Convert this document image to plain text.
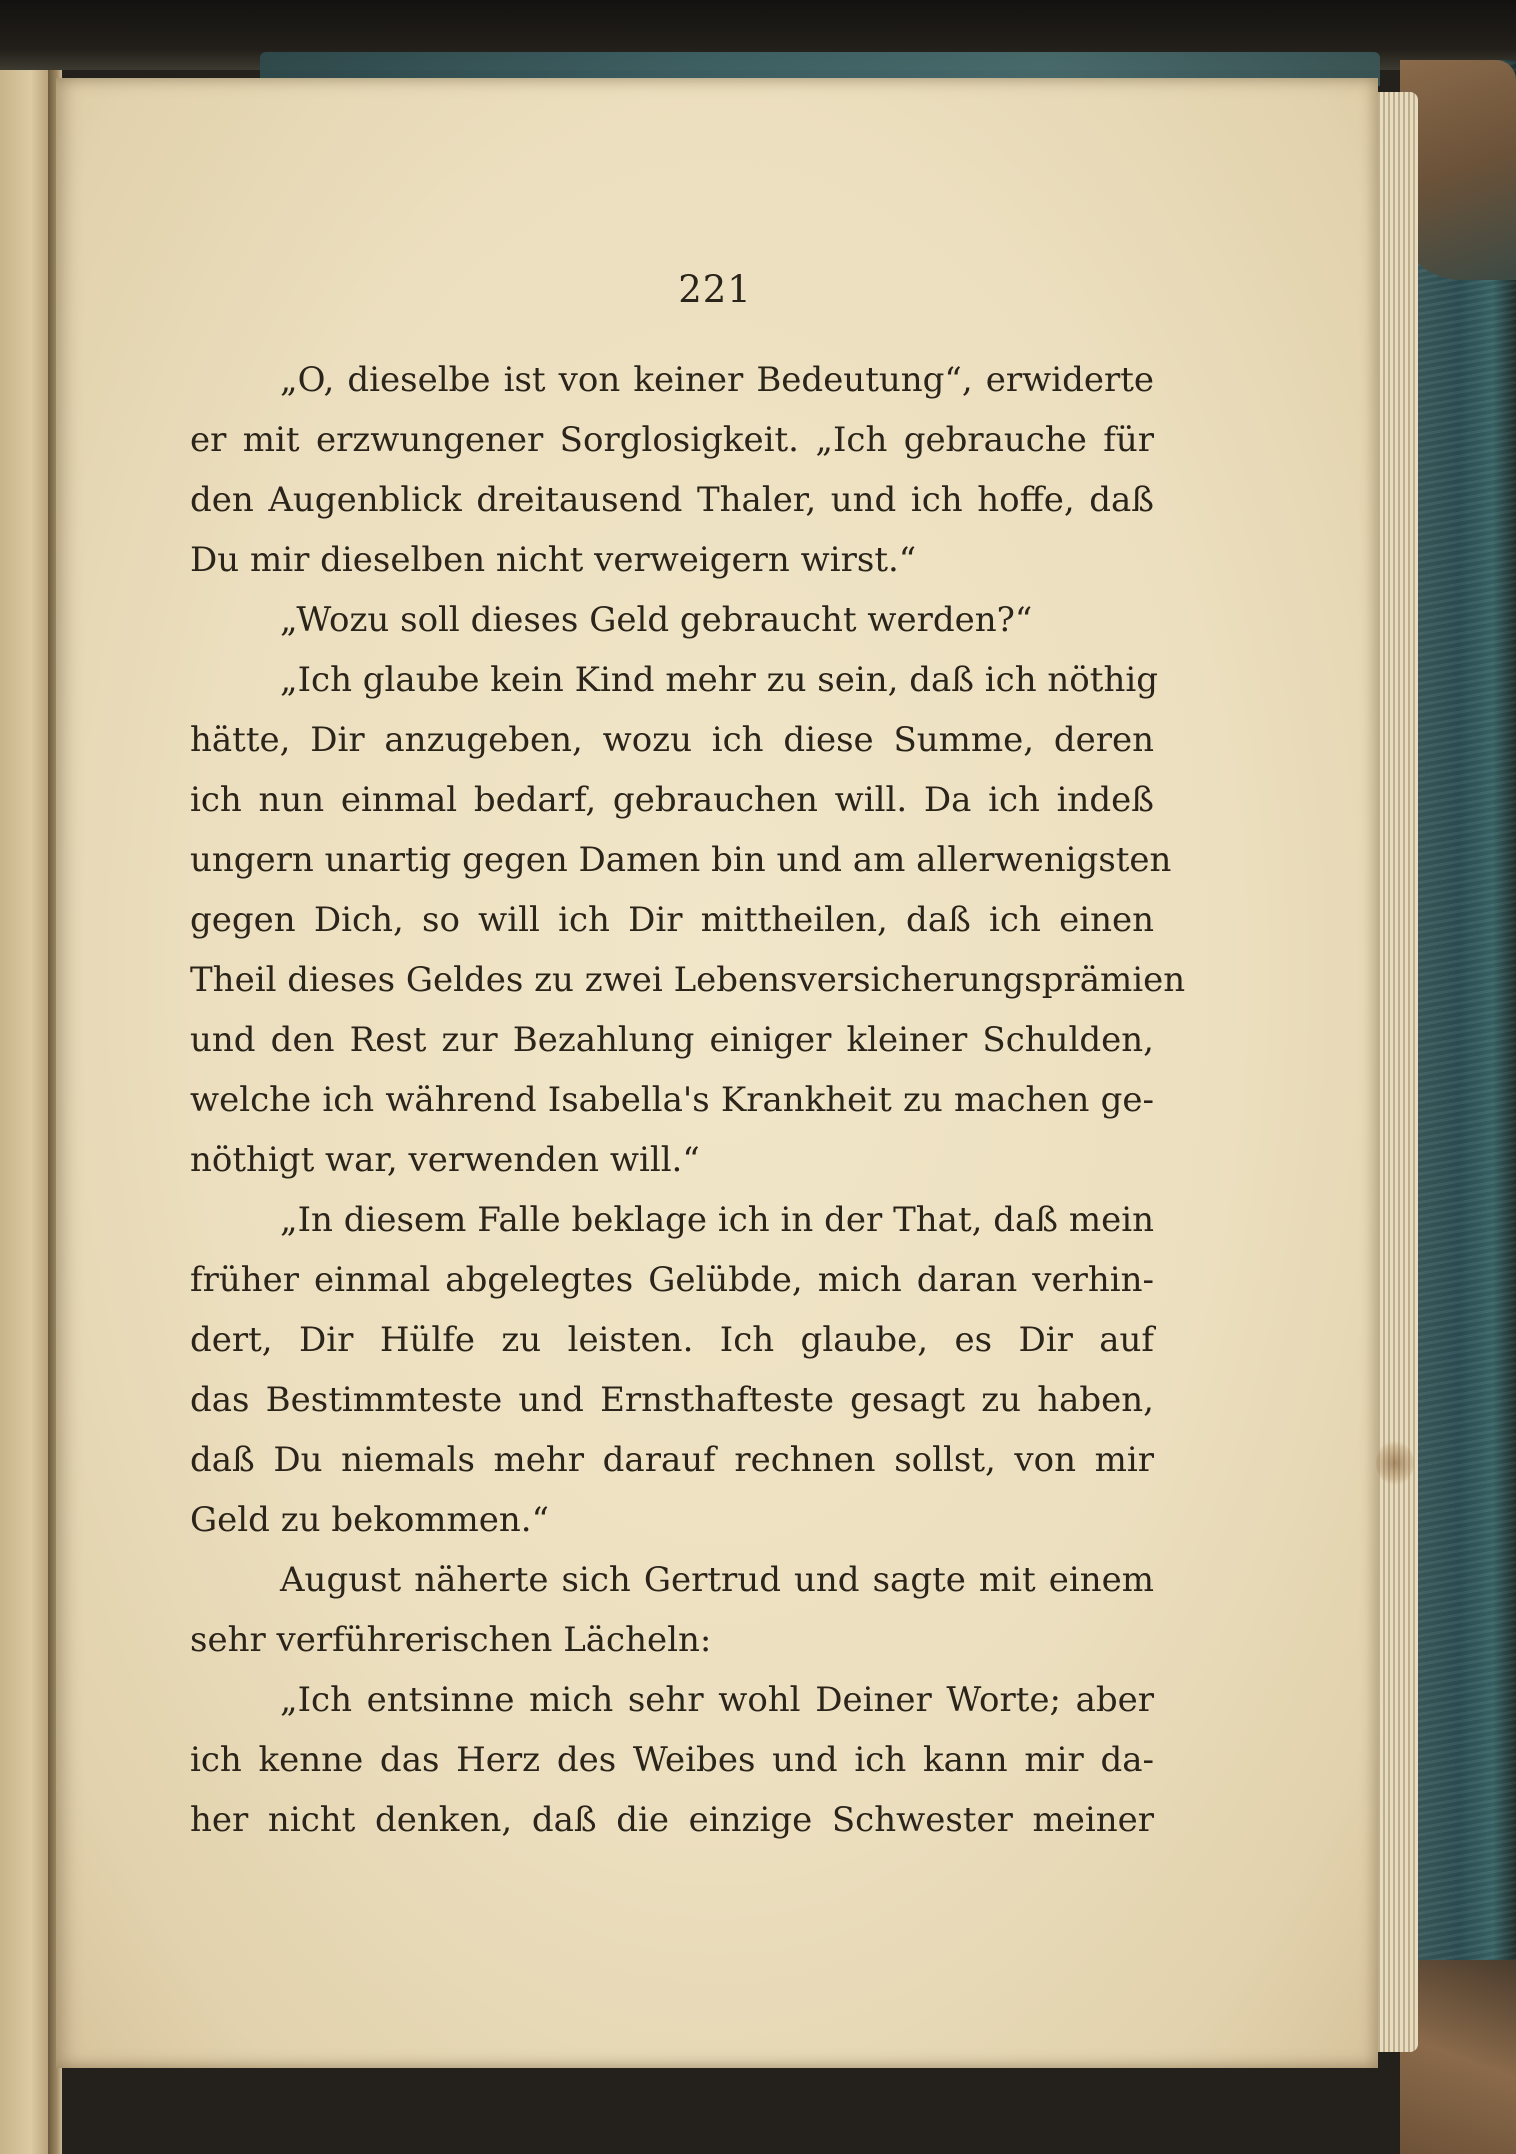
221
„O, dieselbe ist von keiner Bedeutung“, erwiderte
er mit erzwungener Sorglosigkeit. „Ich gebrauche für
den Augenblick dreitausend Thaler, und ich hoffe, daß
Du mir dieselben nicht verweigern wirst.“
„Wozu soll dieses Geld gebraucht werden?“
„Ich glaube kein Kind mehr zu sein, daß ich nöthig
hätte, Dir anzugeben, wozu ich diese Summe, deren
ich nun einmal bedarf, gebrauchen will. Da ich indeß
ungern unartig gegen Damen bin und am allerwenigsten
gegen Dich, so will ich Dir mittheilen, daß ich einen
Theil dieses Geldes zu zwei Lebensversicherungsprämien
und den Rest zur Bezahlung einiger kleiner Schulden,
welche ich während Isabella's Krankheit zu machen ge-
nöthigt war, verwenden will.“
„In diesem Falle beklage ich in der That, daß mein
früher einmal abgelegtes Gelübde, mich daran verhin-
dert, Dir Hülfe zu leisten. Ich glaube, es Dir auf
das Bestimmteste und Ernsthafteste gesagt zu haben,
daß Du niemals mehr darauf rechnen sollst, von mir
Geld zu bekommen.“
August näherte sich Gertrud und sagte mit einem
sehr verführerischen Lächeln:
„Ich entsinne mich sehr wohl Deiner Worte; aber
ich kenne das Herz des Weibes und ich kann mir da-
her nicht denken, daß die einzige Schwester meiner
